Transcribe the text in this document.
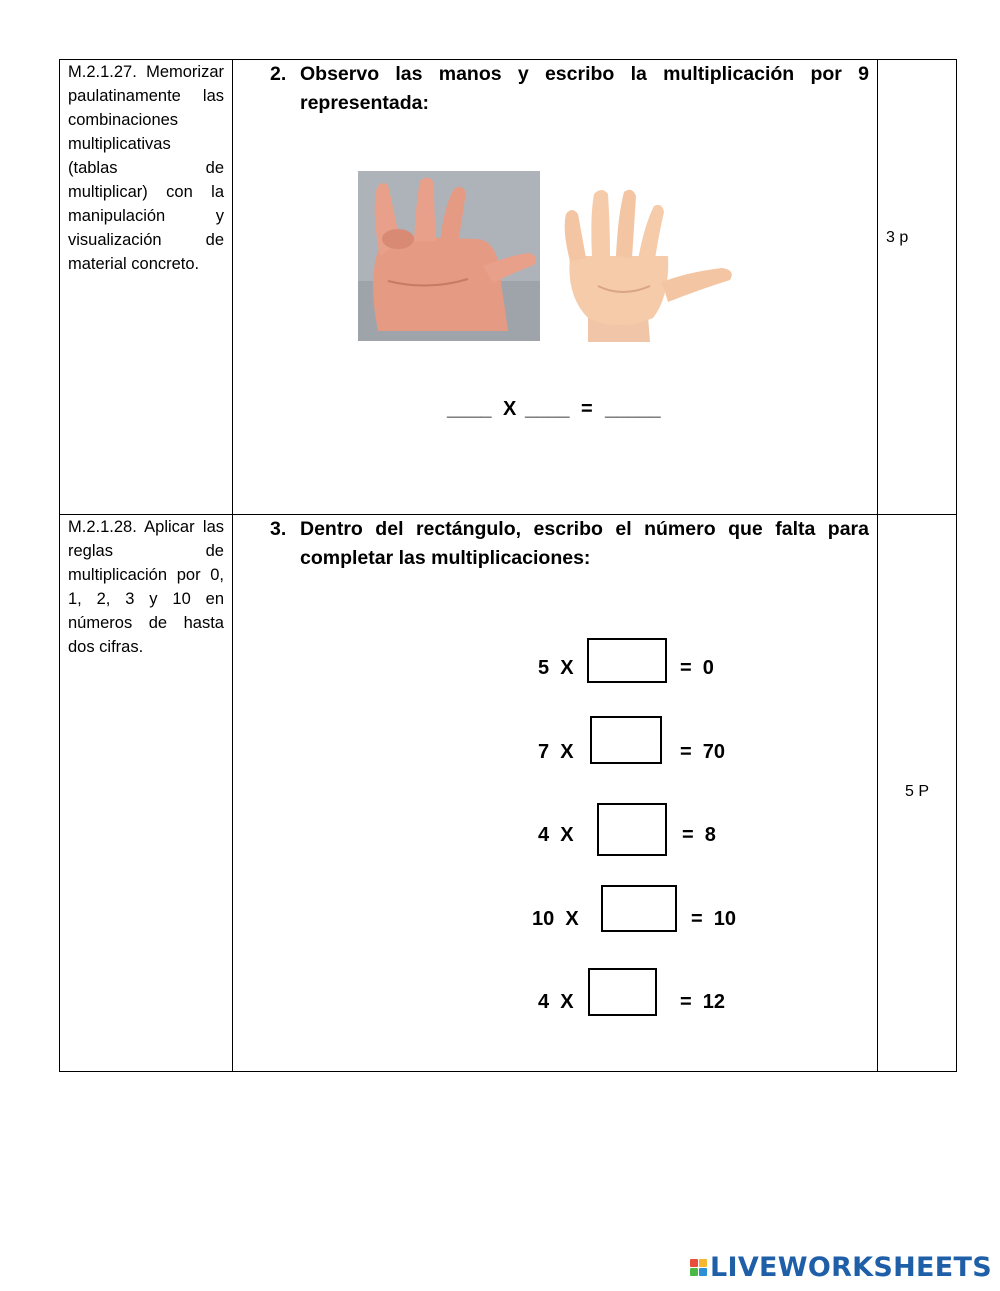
M.2.1.27. Memorizar paulatinamente las combinaciones multiplicativas (tablas de multiplicar) con la manipulación y visualización de material concreto.
2. Observo las manos y escribo la multiplicación por 9 representada:
____ X ____ = _____
3 p
M.2.1.28. Aplicar las reglas de multiplicación por 0, 1, 2, 3 y 10 en números de hasta dos cifras.
3. Dentro del rectángulo, escribo el número que falta para completar las multiplicaciones:
5  X	=  0
7  X	=  70
4  X	=  8
10  X	=  10
4  X	=  12
5 P
LIVEWORKSHEETS
